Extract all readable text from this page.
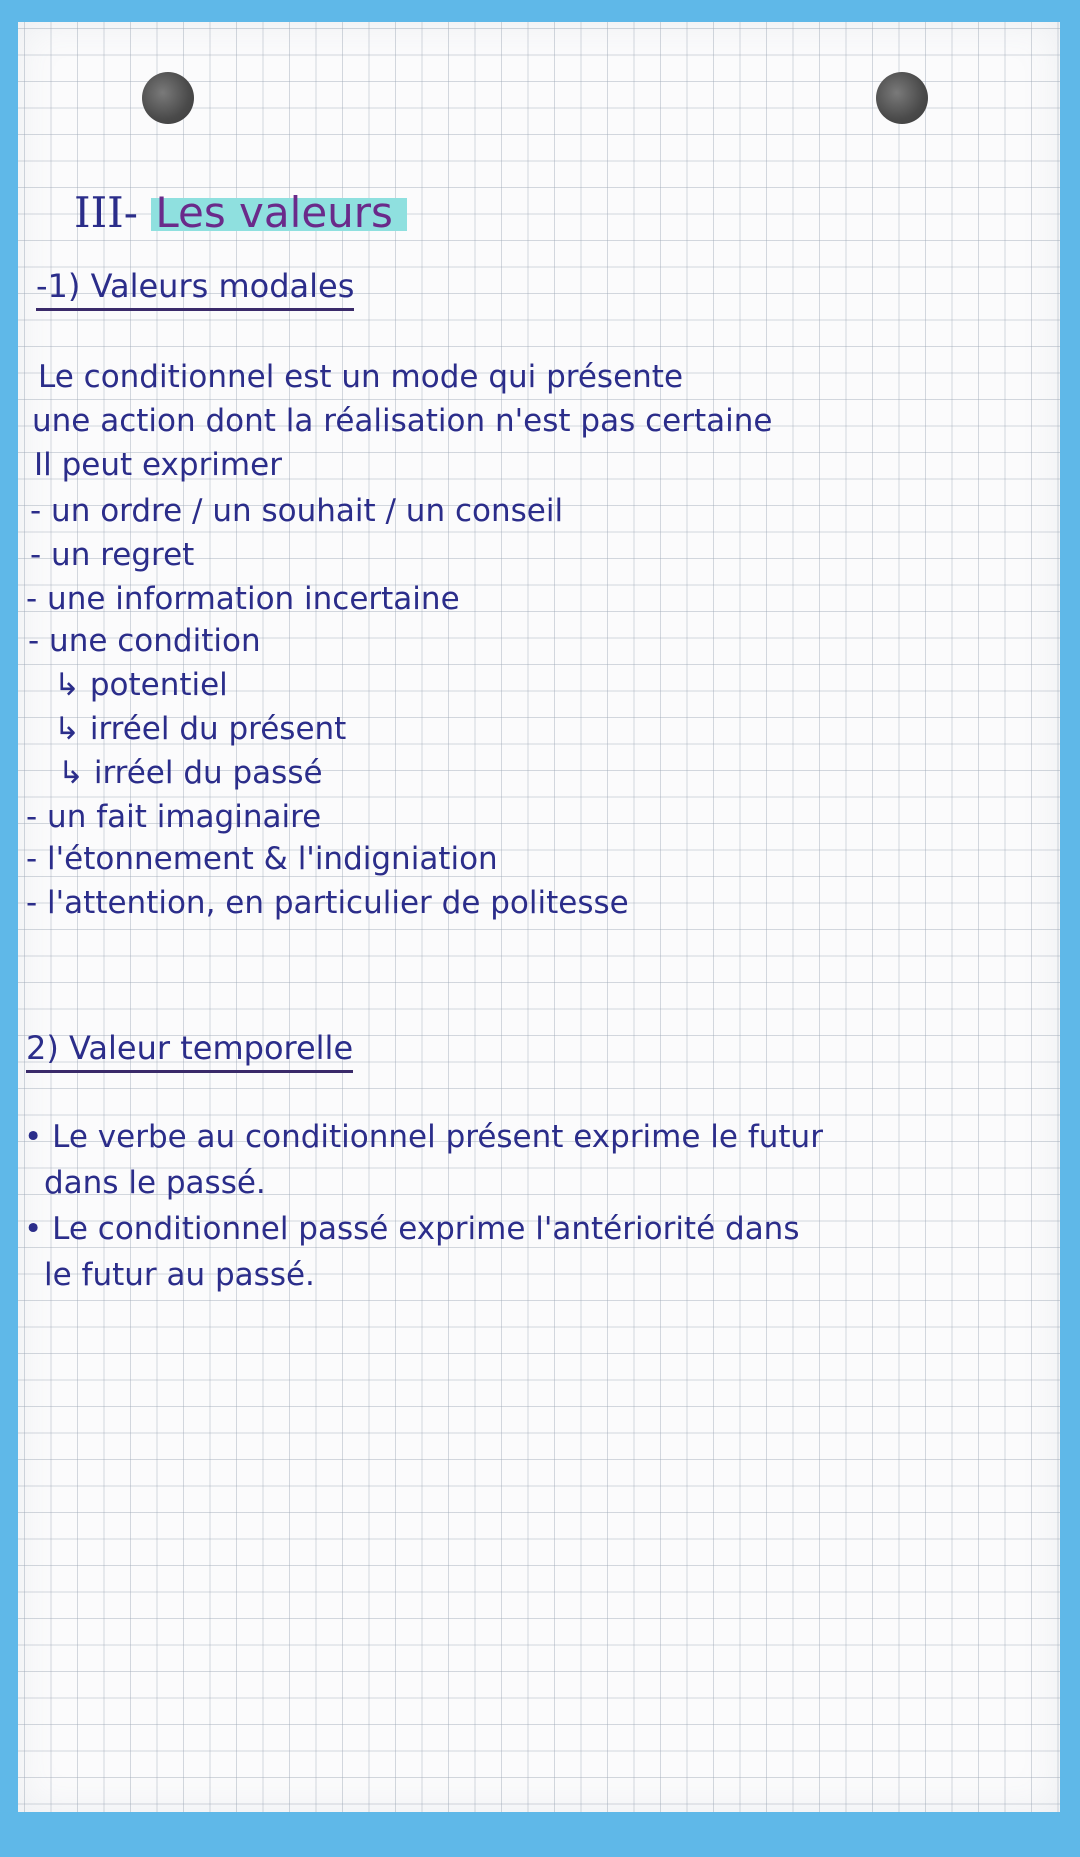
III- Les valeurs
-1) Valeurs modales
Le conditionnel est un mode qui présente
une action dont la réalisation n'est pas certaine
Il peut exprimer
- un ordre / un souhait / un conseil
- un regret
- une information incertaine
- une condition
↳ potentiel
↳ irréel du présent
↳ irréel du passé
- un fait imaginaire
- l'étonnement & l'indigniation
- l'attention, en particulier de politesse
2) Valeur temporelle
• Le verbe au conditionnel présent exprime le futur
dans le passé.
• Le conditionnel passé exprime l'antériorité dans
le futur au passé.
